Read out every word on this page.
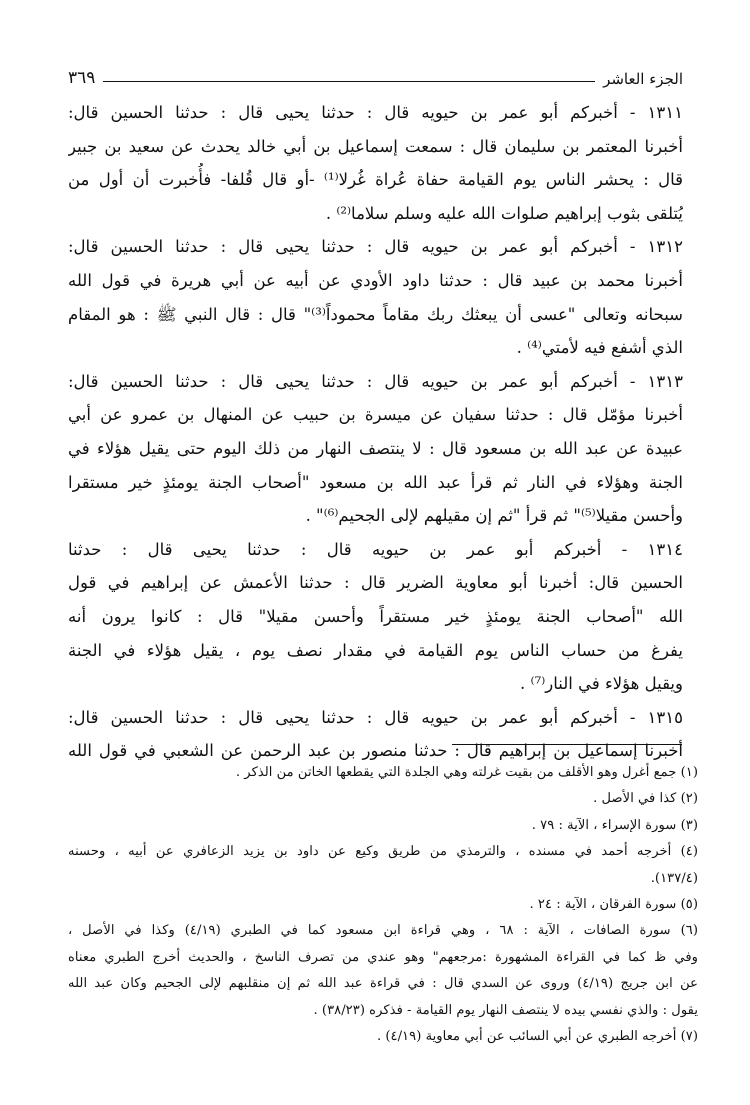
الجزء العاشر
٣٦٩
١٣١١ - أخبركم أبو عمر بن حيويه قال : حدثنا يحيى قال : حدثنا الحسين قال:
أخبرنا المعتمر بن سليمان قال : سمعت إسماعيل بن أبي خالد يحدث عن سعيد بن جبير
قال : يحشر الناس يوم القيامة حفاة عُراة غُرلا⁽¹⁾ -أو قال قُلفا- فأُخبرت أن أول من
يُتلقى بثوب إبراهيم صلوات الله عليه وسلم سلاما⁽²⁾ .
١٣١٢ - أخبركم أبو عمر بن حيويه قال : حدثنا يحيى قال : حدثنا الحسين قال:
أخبرنا محمد بن عبيد قال : حدثنا داود الأودي عن أبيه عن أبي هريرة في قول الله
سبحانه وتعالى "عسى أن يبعثك ربك مقاماً محموداً⁽³⁾" قال : قال النبي ﷺ : هو المقام
الذي أشفع فيه لأمتي⁽⁴⁾ .
١٣١٣ - أخبركم أبو عمر بن حيويه قال : حدثنا يحيى قال : حدثنا الحسين قال:
أخبرنا مؤمّل قال : حدثنا سفيان عن ميسرة بن حبيب عن المنهال بن عمرو عن أبي
عبيدة عن عبد الله بن مسعود قال : لا ينتصف النهار من ذلك اليوم حتى يقيل هؤلاء في
الجنة وهؤلاء في النار ثم قرأ عبد الله بن مسعود "أصحاب الجنة يومئذٍ خير مستقرا
وأحسن مقيلا⁽⁵⁾" ثم قرأ "ثم إن مقيلهم لإلى الجحيم⁽⁶⁾" .
١٣١٤ - أخبركم أبو عمر بن حيويه قال : حدثنا يحيى قال : حدثنا
الحسين قال: أخبرنا أبو معاوية الضرير قال : حدثنا الأعمش عن إبراهيم في قول
الله "أصحاب الجنة يومئذٍ خير مستقراً وأحسن مقيلا" قال : كانوا يرون أنه
يفرغ من حساب الناس يوم القيامة في مقدار نصف يوم ، يقيل هؤلاء في الجنة
ويقيل هؤلاء في النار⁽⁷⁾ .
١٣١٥ - أخبركم أبو عمر بن حيويه قال : حدثنا يحيى قال : حدثنا الحسين قال:
أخبرنا إسماعيل بن إبراهيم قال : حدثنا منصور بن عبد الرحمن عن الشعبي في قول الله
(١) جمع أغرل وهو الأقلف من بقيت غرلته وهي الجلدة التي يقطعها الخاتن من الذكر .
(٢) كذا في الأصل .
(٣) سورة الإسراء ، الآية : ٧٩ .
(٤) أخرجه أحمد في مسنده ، والترمذي من طريق وكيع عن داود بن يزيد الزعافري عن أبيه ، وحسنه
(١٣٧/٤).
(٥) سورة الفرقان ، الآية : ٢٤ .
(٦) سورة الصافات ، الآية : ٦٨ ، وهي قراءة ابن مسعود كما في الطبري (٤/١٩) وكذا في الأصل ،
وفي ظ كما في القراءة المشهورة :مرجعهم" وهو عندي من تصرف الناسخ ، والحديث أخرج الطبري معناه
عن ابن جريج (٤/١٩) وروى عن السدي قال : في قراءة عبد الله ثم إن منقلبهم لإلى الجحيم وكان عبد الله
يقول : والذي نفسي بيده لا ينتصف النهار يوم القيامة - فذكره (٣٨/٢٣) .
(٧) أخرجه الطبري عن أبي السائب عن أبي معاوية (٤/١٩) .
